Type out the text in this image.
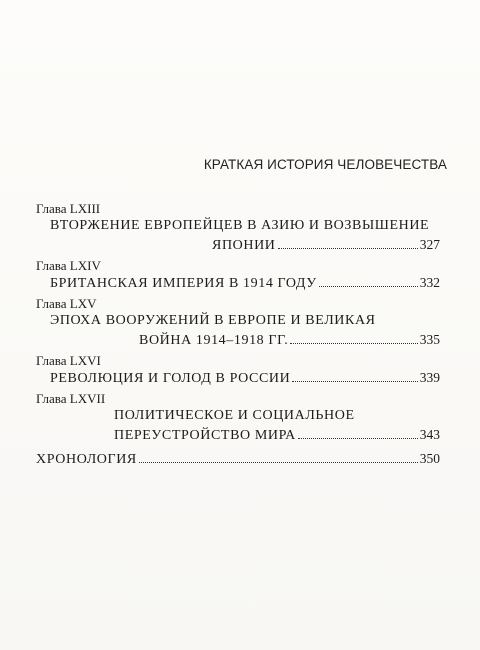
КРАТКАЯ ИСТОРИЯ ЧЕЛОВЕЧЕСТВА
Глава LXIII
ВТОРЖЕНИЕ ЕВРОПЕЙЦЕВ В АЗИЮ И ВОЗВЫШЕНИЕ
ЯПОНИИ	327
Глава LXIV
БРИТАНСКАЯ ИМПЕРИЯ В 1914 ГОДУ	332
Глава LXV
ЭПОХА ВООРУЖЕНИЙ В ЕВРОПЕ И ВЕЛИКАЯ
ВОЙНА 1914–1918 ГГ.	335
Глава LXVI
РЕВОЛЮЦИЯ И ГОЛОД В РОССИИ	339
Глава LXVII
ПОЛИТИЧЕСКОЕ И СОЦИАЛЬНОЕ
ПЕРЕУСТРОЙСТВО МИРА	343
ХРОНОЛОГИЯ	350
